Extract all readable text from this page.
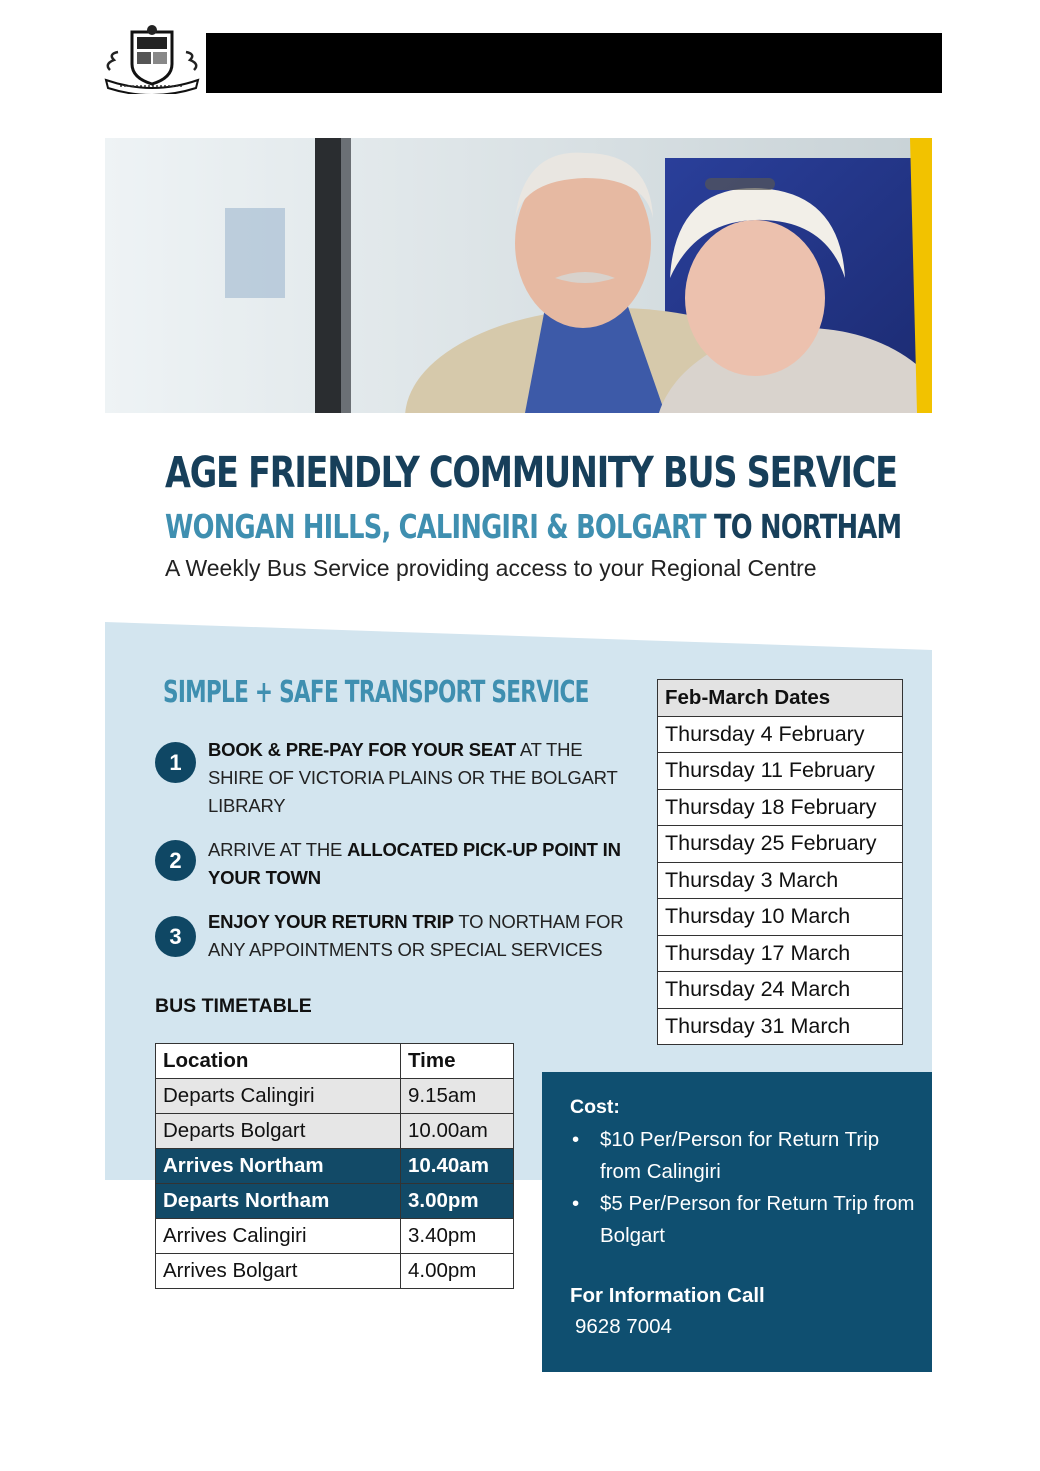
AGE FRIENDLY COMMUNITY BUS SERVICE
WONGAN HILLS, CALINGIRI & BOLGART TO NORTHAM
A Weekly Bus Service providing access to your Regional Centre
SIMPLE + SAFE TRANSPORT SERVICE
1	BOOK & PRE-PAY FOR YOUR SEAT AT THE SHIRE OF VICTORIA PLAINS OR THE BOLGART LIBRARY
2	ARRIVE AT THE ALLOCATED PICK-UP POINT IN YOUR TOWN
3
ENJOY YOUR RETURN TRIP TO NORTHAM FOR ANY APPOINTMENTS OR SPECIAL SERVICES
BUS TIMETABLE
Location	Time
Departs Calingiri	9.15am
Departs Bolgart	10.00am
Arrives Northam	10.40am
Departs Northam	3.00pm
Arrives Calingiri	3.40pm
Arrives Bolgart	4.00pm
Feb-March Dates
Thursday 4 February
Thursday 11 February
Thursday 18 February
Thursday 25 February
Thursday 3 March
Thursday 10 March
Thursday 17 March
Thursday 24 March
Thursday 31 March
Cost:
• $10 Per/Person for Return Trip from Calingiri
• $5 Per/Person for Return Trip from Bolgart
For Information Call
9628 7004
